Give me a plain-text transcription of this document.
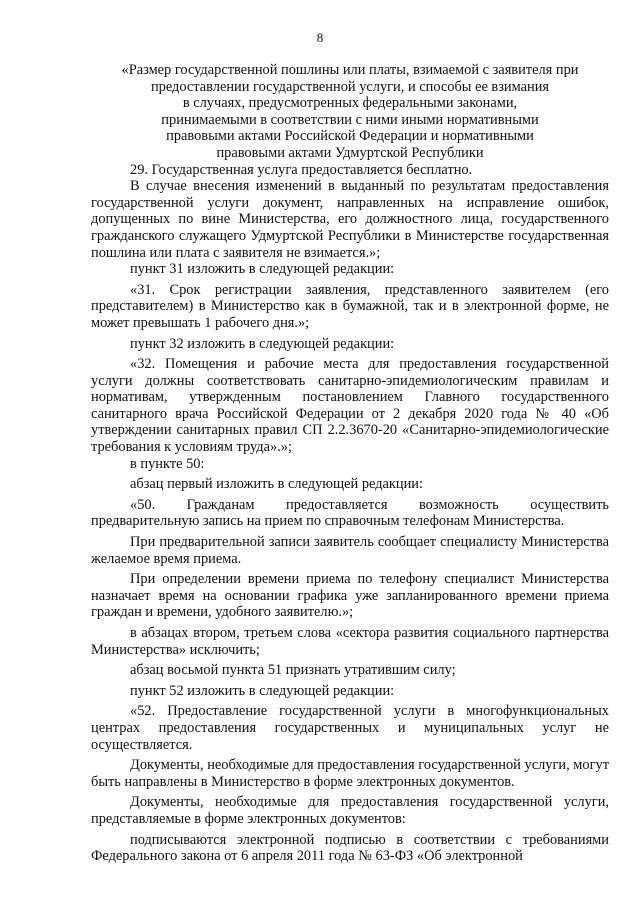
8

«Размер государственной пошлины или платы, взимаемой с заявителя при

предоставлении государственной услуги, и способы ее взимания

в случаях, предусмотренных федеральными законами,

принимаемыми в соответствии с ними иными нормативными

правовыми актами Российской Федерации и нормативными

правовыми актами Удмуртской Республики

29. Государственная услуга предоставляется бесплатно.

В случае внесения изменений в выданный по результатам предоставления государственной услуги документ, направленных на исправление ошибок, допущенных по вине Министерства, его должностного лица, государственного гражданского служащего Удмуртской Республики в Министерстве государственная пошлина или плата с заявителя не взимается.»;

пункт 31 изложить в следующей редакции:

«31. Срок регистрации заявления, представленного заявителем (его представителем) в Министерство как в бумажной, так и в электронной форме, не может превышать 1 рабочего дня.»;

пункт 32 изложить в следующей редакции:

«32. Помещения и рабочие места для предоставления государственной услуги должны соответствовать санитарно-эпидемиологическим правилам и нормативам, утвержденным постановлением Главного государственного санитарного врача Российской Федерации от 2 декабря 2020 года № 40 «Об утверждении санитарных правил СП 2.2.3670-20 «Санитарно-эпидемиологические требования к условиям труда».»;

в пункте 50:

абзац первый изложить в следующей редакции:

«50. Гражданам предоставляется возможность осуществить предварительную запись на прием по справочным телефонам Министерства.

При предварительной записи заявитель сообщает специалисту Министерства желаемое время приема.

При определении времени приема по телефону специалист Министерства назначает время на основании графика уже запланированного времени приема граждан и времени, удобного заявителю.»;

в абзацах втором, третьем слова «сектора развития социального партнерства Министерства» исключить;

абзац восьмой пункта 51 признать утратившим силу;

пункт 52 изложить в следующей редакции:

«52. Предоставление государственной услуги в многофункциональных центрах предоставления государственных и муниципальных услуг не осуществляется.

Документы, необходимые для предоставления государственной услуги, могут быть направлены в Министерство в форме электронных документов.

Документы, необходимые для предоставления государственной услуги, представляемые в форме электронных документов:

подписываются электронной подписью в соответствии с требованиями Федерального закона от 6 апреля 2011 года № 63-ФЗ «Об электронной
